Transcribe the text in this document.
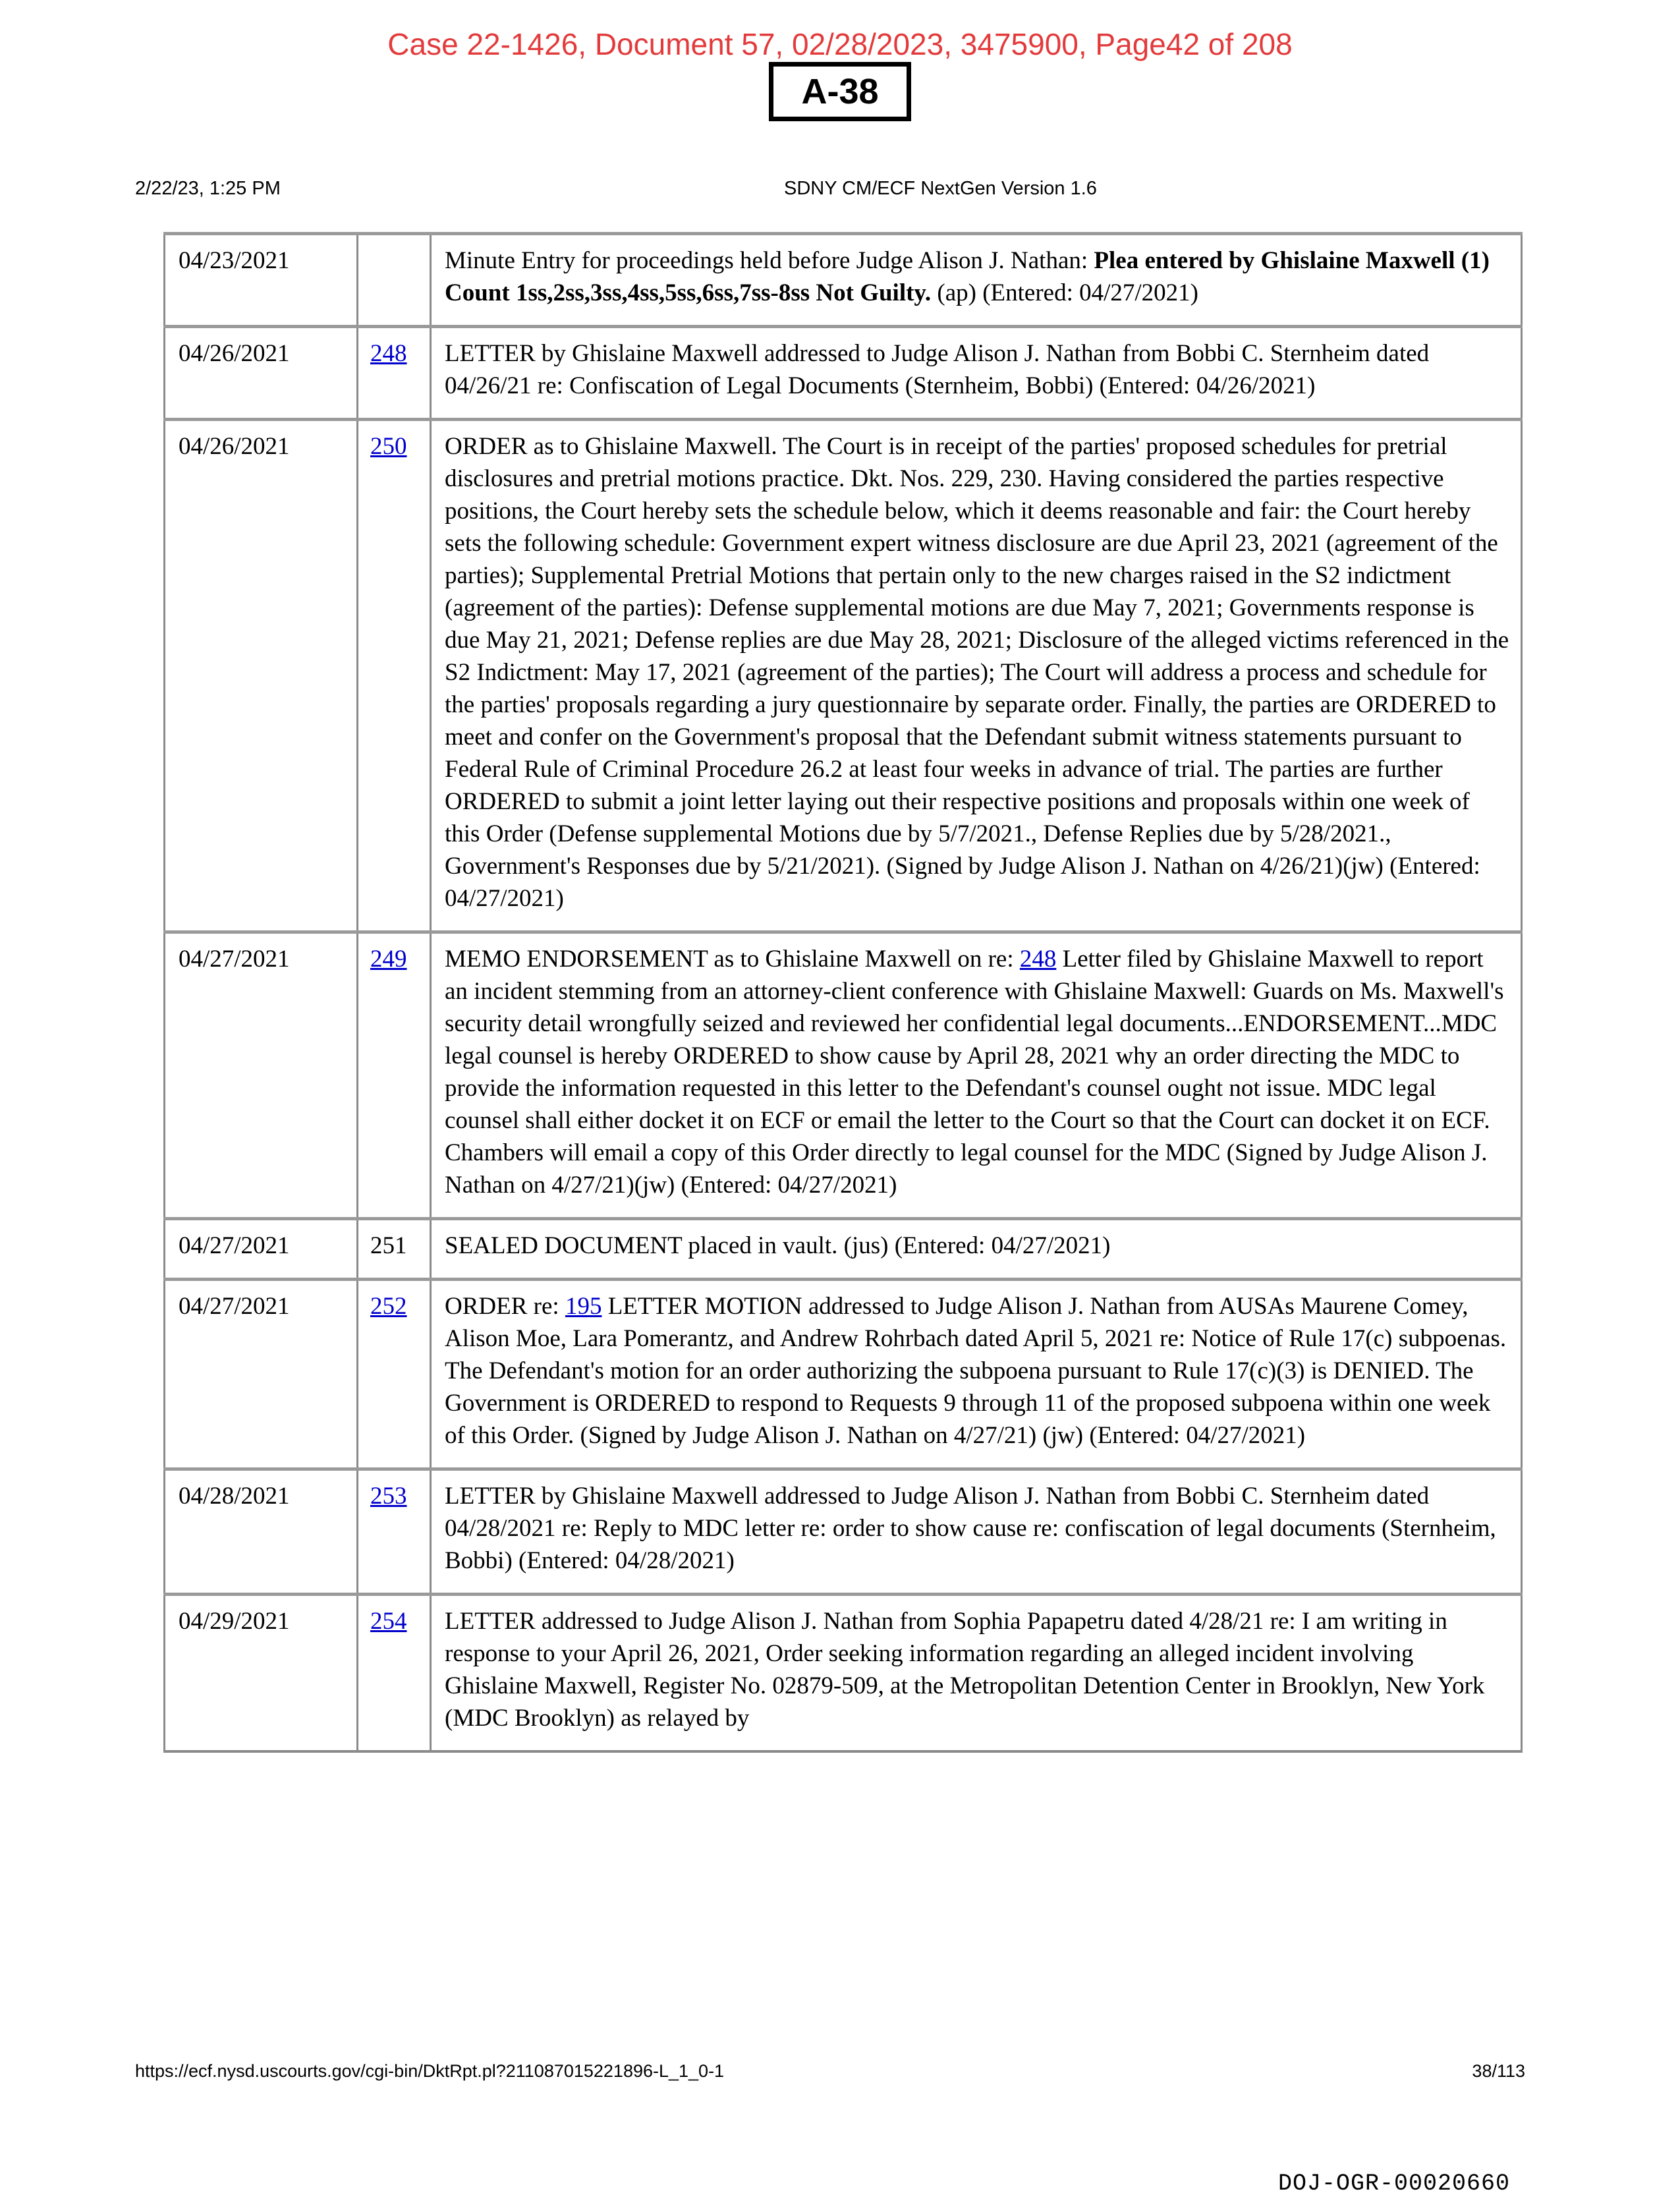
Case 22-1426, Document 57, 02/28/2023, 3475900, Page42 of 208
A-38
2/22/23, 1:25 PM	SDNY CM/ECF NextGen Version 1.6
04/23/2021		Minute Entry for proceedings held before Judge Alison J. Nathan: Plea entered by Ghislaine Maxwell (1) Count 1ss,2ss,3ss,4ss,5ss,6ss,7ss-8ss Not Guilty. (ap) (Entered: 04/27/2021)
04/26/2021	248	LETTER by Ghislaine Maxwell addressed to Judge Alison J. Nathan from Bobbi C. Sternheim dated 04/26/21 re: Confiscation of Legal Documents (Sternheim, Bobbi) (Entered: 04/26/2021)
04/26/2021	250	ORDER as to Ghislaine Maxwell. The Court is in receipt of the parties' proposed schedules for pretrial disclosures and pretrial motions practice. Dkt. Nos. 229, 230. Having considered the parties respective positions, the Court hereby sets the schedule below, which it deems reasonable and fair: the Court hereby sets the following schedule: Government expert witness disclosure are due April 23, 2021 (agreement of the parties); Supplemental Pretrial Motions that pertain only to the new charges raised in the S2 indictment (agreement of the parties): Defense supplemental motions are due May 7, 2021; Governments response is due May 21, 2021; Defense replies are due May 28, 2021; Disclosure of the alleged victims referenced in the S2 Indictment: May 17, 2021 (agreement of the parties); The Court will address a process and schedule for the parties' proposals regarding a jury questionnaire by separate order. Finally, the parties are ORDERED to meet and confer on the Government's proposal that the Defendant submit witness statements pursuant to Federal Rule of Criminal Procedure 26.2 at least four weeks in advance of trial. The parties are further ORDERED to submit a joint letter laying out their respective positions and proposals within one week of this Order (Defense supplemental Motions due by 5/7/2021., Defense Replies due by 5/28/2021., Government's Responses due by 5/21/2021). (Signed by Judge Alison J. Nathan on 4/26/21)(jw) (Entered: 04/27/2021)
04/27/2021	249	MEMO ENDORSEMENT as to Ghislaine Maxwell on re: 248 Letter filed by Ghislaine Maxwell to report an incident stemming from an attorney-client conference with Ghislaine Maxwell: Guards on Ms. Maxwell's security detail wrongfully seized and reviewed her confidential legal documents...ENDORSEMENT...MDC legal counsel is hereby ORDERED to show cause by April 28, 2021 why an order directing the MDC to provide the information requested in this letter to the Defendant's counsel ought not issue. MDC legal counsel shall either docket it on ECF or email the letter to the Court so that the Court can docket it on ECF. Chambers will email a copy of this Order directly to legal counsel for the MDC (Signed by Judge Alison J. Nathan on 4/27/21)(jw) (Entered: 04/27/2021)
04/27/2021	251	SEALED DOCUMENT placed in vault. (jus) (Entered: 04/27/2021)
04/27/2021	252	ORDER re: 195 LETTER MOTION addressed to Judge Alison J. Nathan from AUSAs Maurene Comey, Alison Moe, Lara Pomerantz, and Andrew Rohrbach dated April 5, 2021 re: Notice of Rule 17(c) subpoenas. The Defendant's motion for an order authorizing the subpoena pursuant to Rule 17(c)(3) is DENIED. The Government is ORDERED to respond to Requests 9 through 11 of the proposed subpoena within one week of this Order. (Signed by Judge Alison J. Nathan on 4/27/21) (jw) (Entered: 04/27/2021)
04/28/2021	253	LETTER by Ghislaine Maxwell addressed to Judge Alison J. Nathan from Bobbi C. Sternheim dated 04/28/2021 re: Reply to MDC letter re: order to show cause re: confiscation of legal documents (Sternheim, Bobbi) (Entered: 04/28/2021)
04/29/2021	254	LETTER addressed to Judge Alison J. Nathan from Sophia Papapetru dated 4/28/21 re: I am writing in response to your April 26, 2021, Order seeking information regarding an alleged incident involving Ghislaine Maxwell, Register No. 02879-509, at the Metropolitan Detention Center in Brooklyn, New York (MDC Brooklyn) as relayed by
https://ecf.nysd.uscourts.gov/cgi-bin/DktRpt.pl?211087015221896-L_1_0-1	38/113
DOJ-OGR-00020660
